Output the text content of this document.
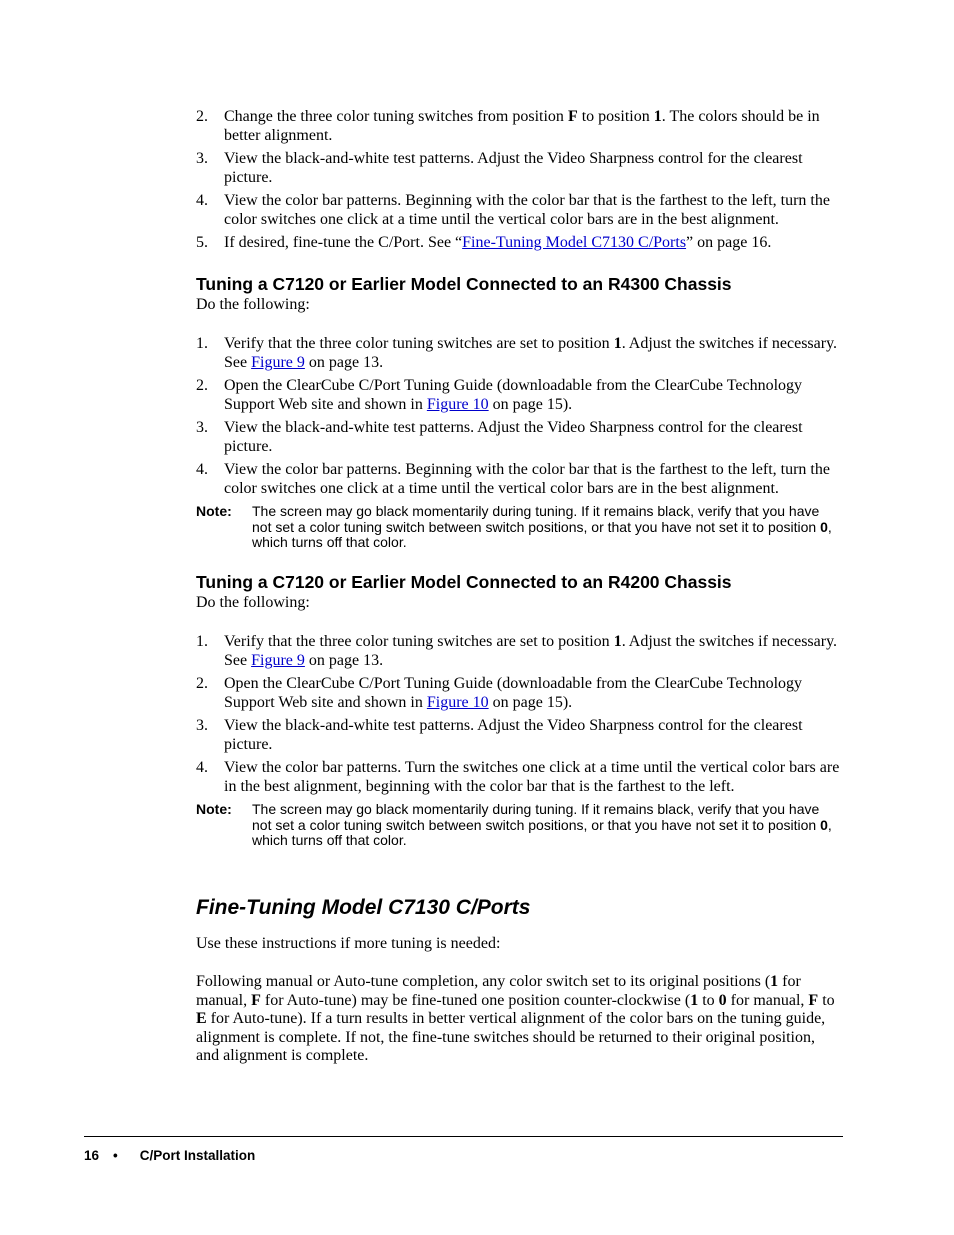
2. Change the three color tuning switches from position F to position 1. The colors should be in better alignment.
3. View the black-and-white test patterns. Adjust the Video Sharpness control for the clearest picture.
4. View the color bar patterns. Beginning with the color bar that is the farthest to the left, turn the color switches one click at a time until the vertical color bars are in the best alignment.
5. If desired, fine-tune the C/Port. See “Fine-Tuning Model C7130 C/Ports” on page 16.
Tuning a C7120 or Earlier Model Connected to an R4300 Chassis
Do the following:
1. Verify that the three color tuning switches are set to position 1. Adjust the switches if necessary. See Figure 9 on page 13.
2. Open the ClearCube C/Port Tuning Guide (downloadable from the ClearCube Technology Support Web site and shown in Figure 10 on page 15).
3. View the black-and-white test patterns. Adjust the Video Sharpness control for the clearest picture.
4. View the color bar patterns. Beginning with the color bar that is the farthest to the left, turn the color switches one click at a time until the vertical color bars are in the best alignment.
Note: The screen may go black momentarily during tuning. If it remains black, verify that you have not set a color tuning switch between switch positions, or that you have not set it to position 0, which turns off that color.
Tuning a C7120 or Earlier Model Connected to an R4200 Chassis
Do the following:
1. Verify that the three color tuning switches are set to position 1. Adjust the switches if necessary. See Figure 9 on page 13.
2. Open the ClearCube C/Port Tuning Guide (downloadable from the ClearCube Technology Support Web site and shown in Figure 10 on page 15).
3. View the black-and-white test patterns. Adjust the Video Sharpness control for the clearest picture.
4. View the color bar patterns. Turn the switches one click at a time until the vertical color bars are in the best alignment, beginning with the color bar that is the farthest to the left.
Note: The screen may go black momentarily during tuning. If it remains black, verify that you have not set a color tuning switch between switch positions, or that you have not set it to position 0, which turns off that color.
Fine-Tuning Model C7130 C/Ports
Use these instructions if more tuning is needed:
Following manual or Auto-tune completion, any color switch set to its original positions (1 for manual, F for Auto-tune) may be fine-tuned one position counter-clockwise (1 to 0 for manual, F to E for Auto-tune). If a turn results in better vertical alignment of the color bars on the tuning guide, alignment is complete. If not, the fine-tune switches should be returned to their original position, and alignment is complete.
16 • C/Port Installation
